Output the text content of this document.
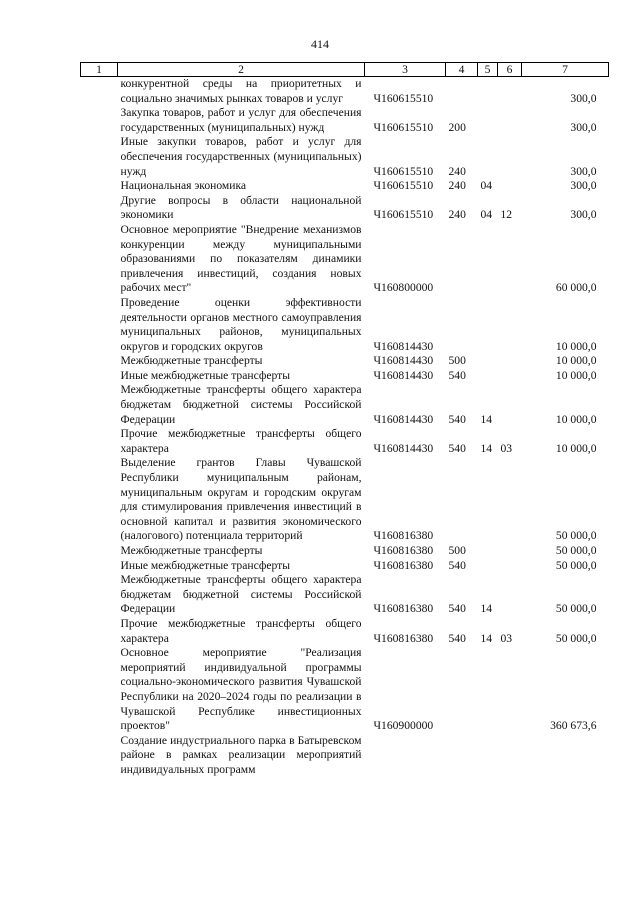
414
1	2	3	4	5	6	7
конкурентной среды на приоритетных и социально значимых рынках товаров и услуг		Ч160615510				300,0
Закупка товаров, работ и услуг для обеспечения государственных (муниципальных) нужд		Ч160615510	200			300,0
Иные закупки товаров, работ и услуг для обеспечения государственных (муниципальных) нужд		Ч160615510	240			300,0
Национальная экономика		Ч160615510	240	04		300,0
Другие вопросы в области национальной экономики		Ч160615510	240	04	12	300,0
Основное мероприятие "Внедрение механизмов конкуренции между муниципальными образованиями по показателям динамики привлечения инвестиций, создания новых рабочих мест"		Ч160800000				60 000,0
Проведение оценки эффективности деятельности органов местного самоуправления муниципальных районов, муниципальных округов и городских округов		Ч160814430				10 000,0
Межбюджетные трансферты		Ч160814430	500			10 000,0
Иные межбюджетные трансферты		Ч160814430	540			10 000,0
Межбюджетные трансферты общего характера бюджетам бюджетной системы Российской Федерации		Ч160814430	540	14		10 000,0
Прочие межбюджетные трансферты общего характера		Ч160814430	540	14	03	10 000,0
Выделение грантов Главы Чувашской Республики муниципальным районам, муниципальным округам и городским округам для стимулирования привлечения инвестиций в основной капитал и развития экономического (налогового) потенциала территорий		Ч160816380				50 000,0
Межбюджетные трансферты		Ч160816380	500			50 000,0
Иные межбюджетные трансферты		Ч160816380	540			50 000,0
Межбюджетные трансферты общего характера бюджетам бюджетной системы Российской Федерации		Ч160816380	540	14		50 000,0
Прочие межбюджетные трансферты общего характера		Ч160816380	540	14	03	50 000,0
Основное мероприятие "Реализация мероприятий индивидуальной программы социально-экономического развития Чувашской Республики на 2020–2024 годы по реализации в Чувашской Республике инвестиционных проектов"		Ч160900000				360 673,6
Создание индустриального парка в Батыревском районе в рамках реализации мероприятий индивидуальных программ						
